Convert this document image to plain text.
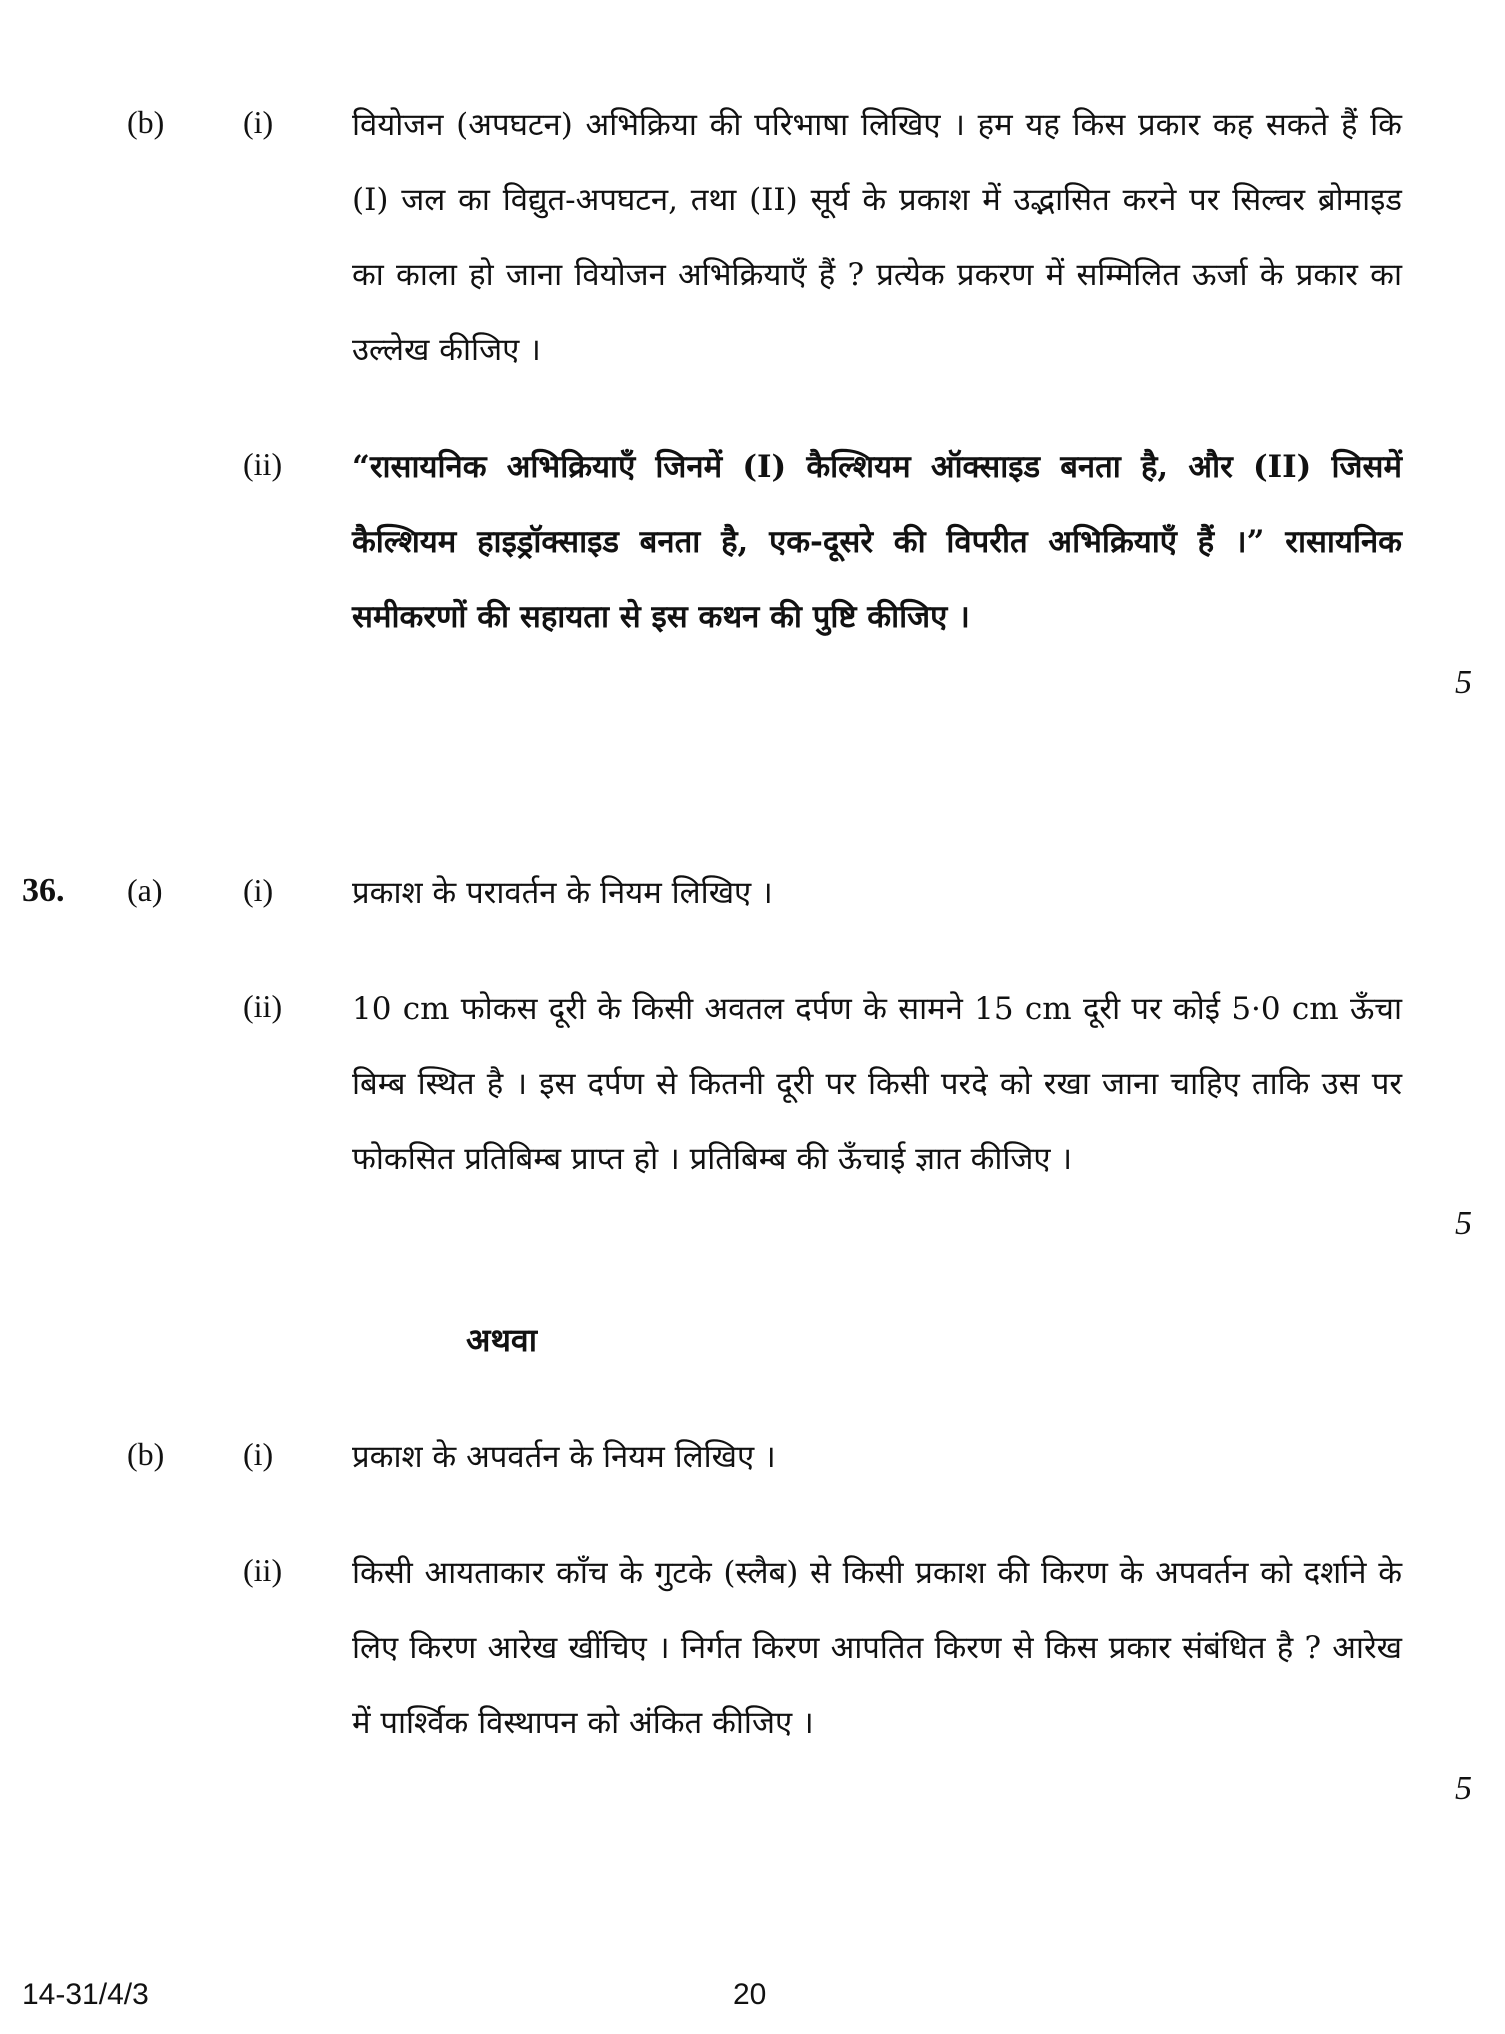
(b) (i)	वियोजन (अपघटन) अभिक्रिया की परिभाषा लिखिए । हम यह किस प्रकार कह सकते हैं कि (I) जल का विद्युत-अपघटन, तथा (II) सूर्य के प्रकाश में उद्भासित करने पर सिल्वर ब्रोमाइड का काला हो जाना वियोजन अभिक्रियाएँ हैं ? प्रत्येक प्रकरण में सम्मिलित ऊर्जा के प्रकार का उल्लेख कीजिए ।

(ii) “रासायनिक अभिक्रियाएँ जिनमें (I) कैल्शियम ऑक्साइड बनता है, और (II) जिसमें कैल्शियम हाइड्रॉक्साइड बनता है, एक-दूसरे की विपरीत अभिक्रियाएँ हैं ।” रासायनिक समीकरणों की सहायता से इस कथन की पुष्टि कीजिए ।

5
36. (a)	(i)	प्रकाश के परावर्तन के नियम लिखिए ।

(ii) 10 cm फोकस दूरी के किसी अवतल दर्पण के सामने 15 cm दूरी पर कोई 5·0 cm ऊँचा बिम्ब स्थित है । इस दर्पण से कितनी दूरी पर किसी परदे को रखा जाना चाहिए ताकि उस पर फोकसित प्रतिबिम्ब प्राप्त हो । प्रतिबिम्ब की ऊँचाई ज्ञात कीजिए ।

5
अथवा
(b) (i)	प्रकाश के अपवर्तन के नियम लिखिए ।

(ii) किसी आयताकार काँच के गुटके (स्लैब) से किसी प्रकाश की किरण के अपवर्तन को दर्शाने के लिए किरण आरेख खींचिए । निर्गत किरण आपतित किरण से किस प्रकार संबंधित है ? आरेख में पार्श्विक विस्थापन को अंकित कीजिए ।

5
14-31/4/3	20
